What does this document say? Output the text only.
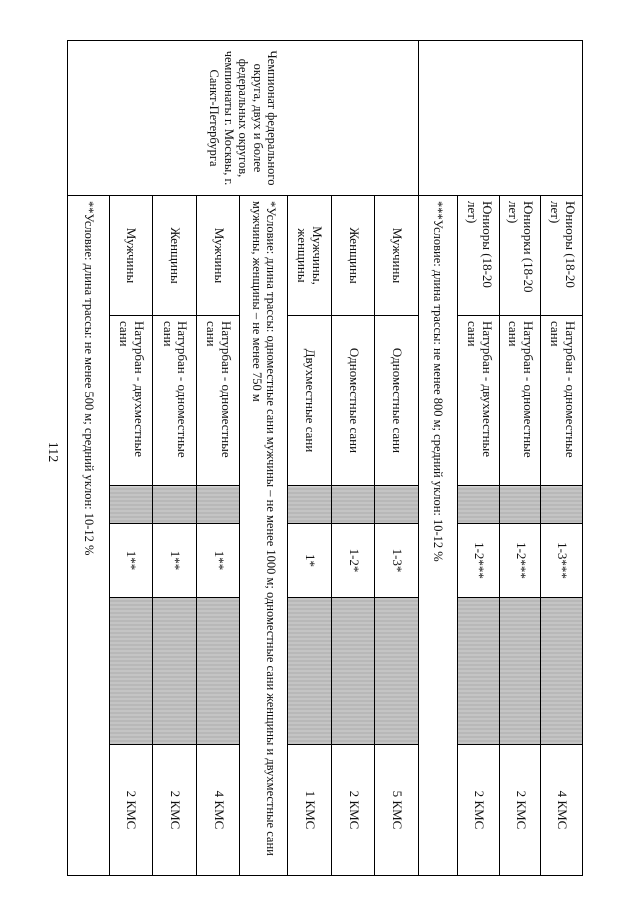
112
	Юниоры (18-20 лет)	Натурбан - одноместные сани		1-3***		4 КМС
	Юниорки (18-20 лет)	Натурбан - одноместные сани		1-2***		2 КМС
	Юниоры (18-20 лет)	Натурбан - двухместные сани		1-2***		2 КМС
	***Условие: длина трассы: не менее 800 м; средний уклон: 10-12 %					
Чемпионат федерального округа, двух и более федеральных округов, чемпионаты г. Москвы, г. Санкт-Петербурга	Мужчины	Одноместные сани		1-3*		5 КМС
	Женщины	Одноместные сани		1-2*		2 КМС
	Мужчины, женщины	Двухместные сани		1*		1 КМС
	*Условие: длина трассы: одноместные сани мужчины – не менее 1000 м; одноместные сани женщины и двухместные сани мужчины, женщины – не менее 750 м					
	Мужчины	Натурбан - одноместные сани		1**		4 КМС
	Женщины	Натурбан - одноместные сани		1**		2 КМС
	Мужчины	Натурбан - двухместные сани		1**		2 КМС
	**Условие: длина трассы: не менее 500 м; средний уклон: 10-12 %					
